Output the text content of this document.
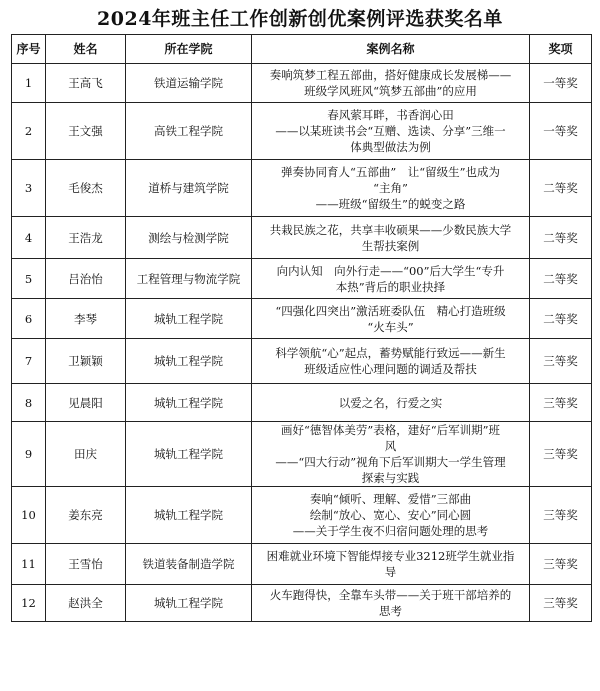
2024年班主任工作创新创优案例评选获奖名单
序号	姓名	所在学院	案例名称	奖项
1	王高飞	铁道运输学院	奏响筑梦工程五部曲，搭好健康成长发展梯——
班级学风班风“筑梦五部曲”的应用	一等奖
2	王文强	高铁工程学院	春风萦耳畔，书香润心田
——以某班读书会“互赠、选读、分享”三维一
体典型做法为例	一等奖
3	毛俊杰	道桥与建筑学院	弹奏协同育人“五部曲”　让“留级生”也成为
“主角”
——班级“留级生”的蜕变之路	二等奖
4	王浩龙	测绘与检测学院	共栽民族之花，共享丰收硕果——少数民族大学
生帮扶案例	二等奖
5	吕治怡	工程管理与物流学院	向内认知　向外行走——“00”后大学生“专升
本热”背后的职业抉择	二等奖
6	李琴	城轨工程学院	“四强化四突出”激活班委队伍　精心打造班级
“火车头”	二等奖
7	卫颖颖	城轨工程学院	科学领航“心”起点，蓄势赋能行致远——新生
班级适应性心理问题的调适及帮扶	三等奖
8	见晨阳	城轨工程学院	以爱之名，行爱之实	三等奖
9	田庆	城轨工程学院	画好“德智体美劳”表格，建好“后军训期”班
风
——“四大行动”视角下后军训期大一学生管理
探索与实践	三等奖
10	姜东亮	城轨工程学院	奏响“倾听、理解、爱惜”三部曲
绘制“放心、宽心、安心”同心圆
——关于学生夜不归宿问题处理的思考	三等奖
11	王雪怡	铁道装备制造学院	困难就业环境下智能焊接专业3212班学生就业指
导	三等奖
12	赵洪全	城轨工程学院	火车跑得快，全靠车头带——关于班干部培养的
思考	三等奖
